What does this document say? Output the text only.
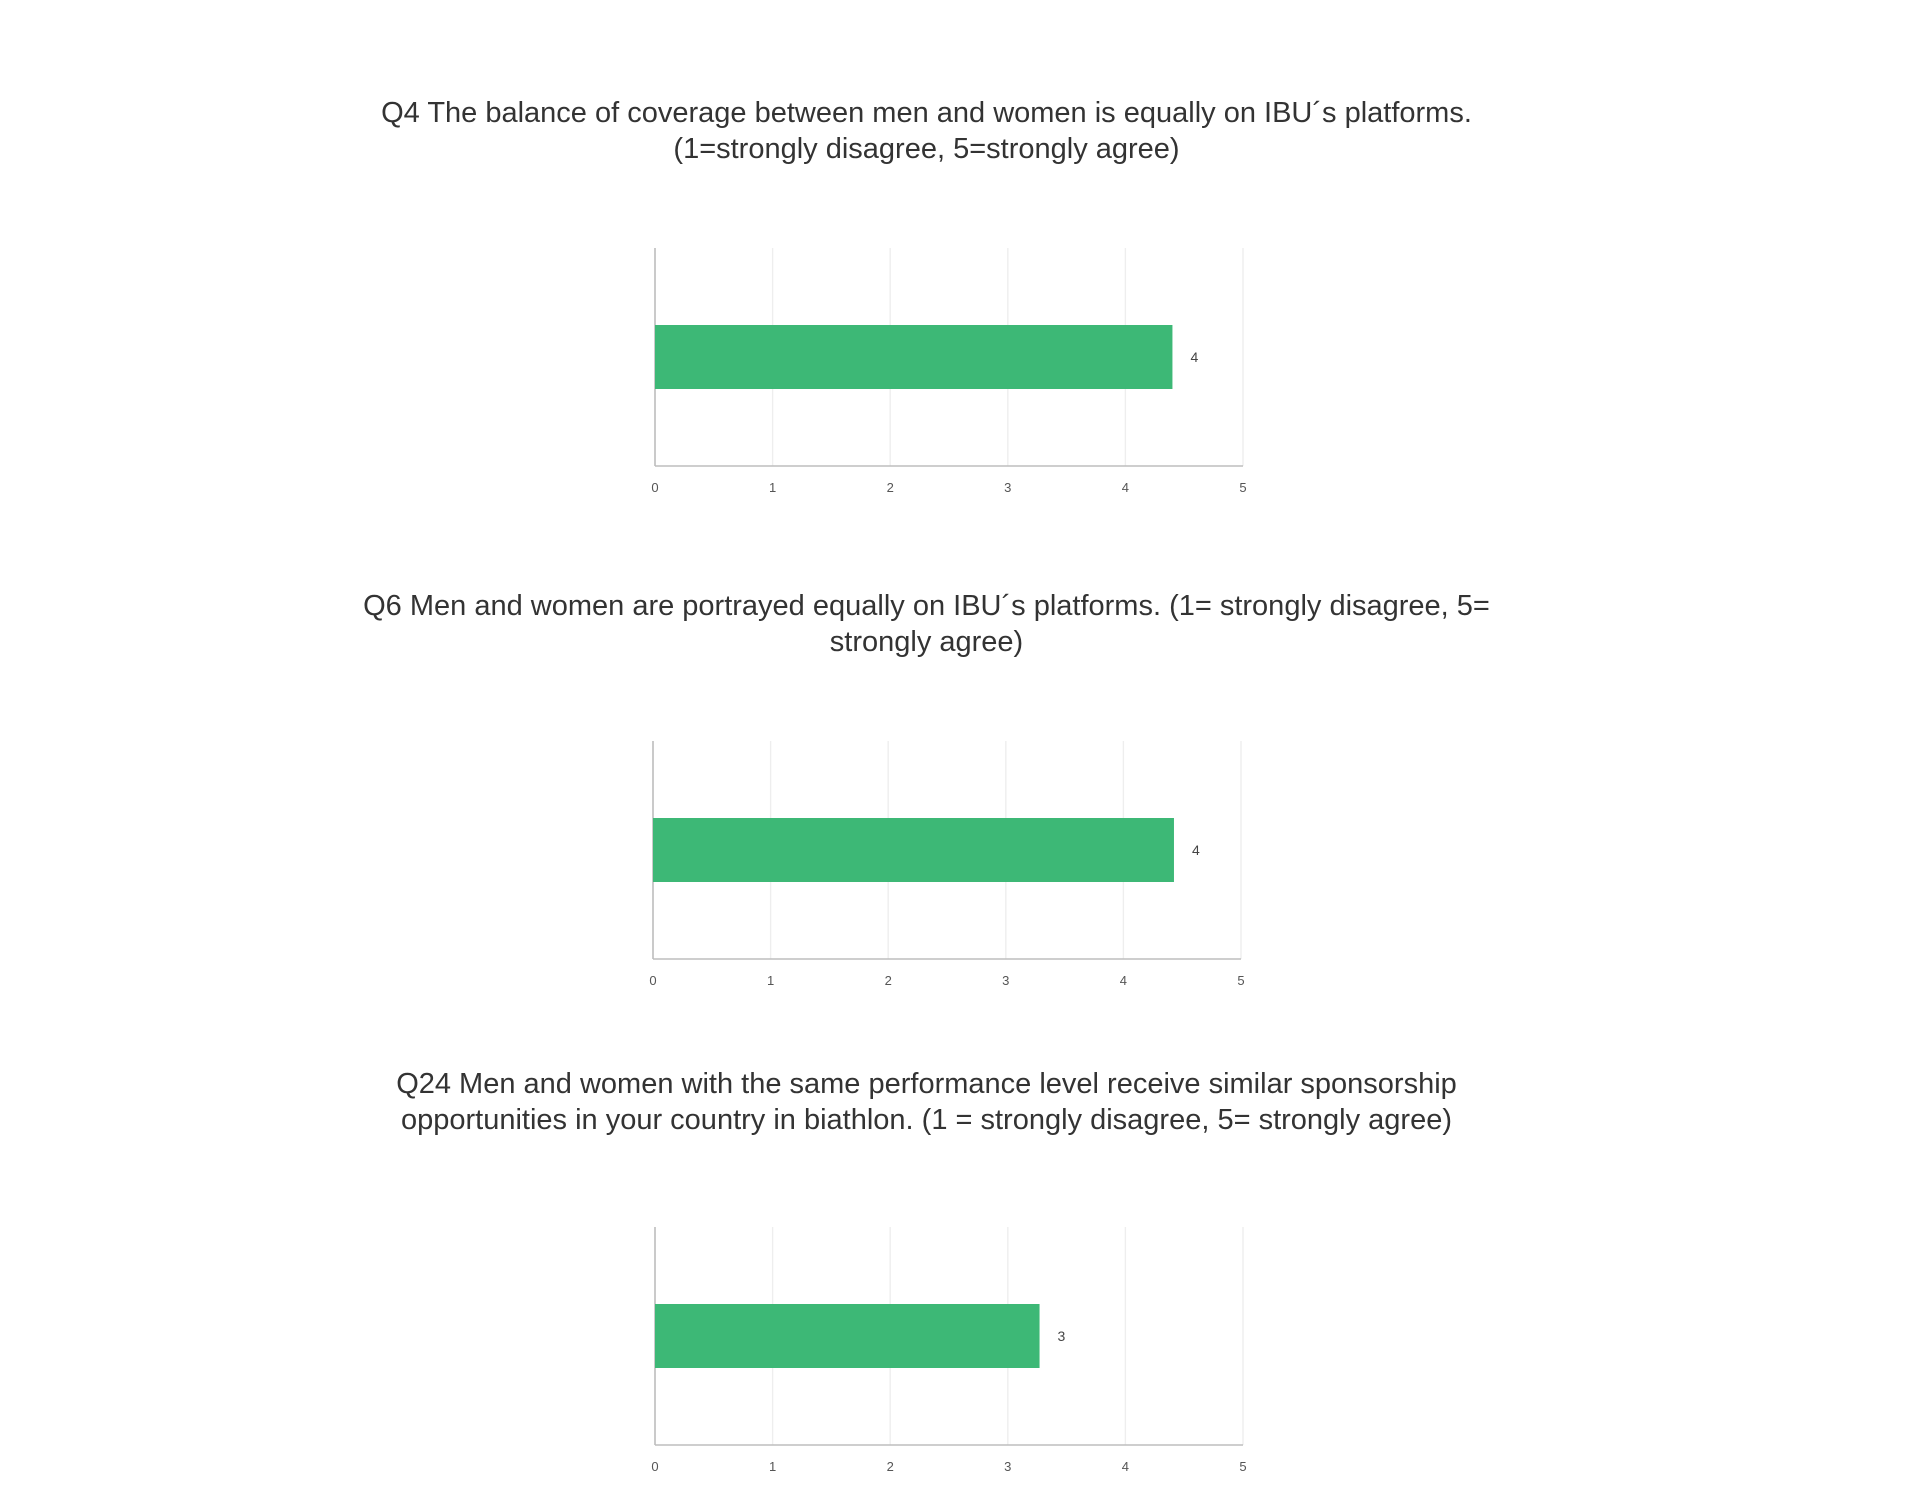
Q4 The balance of coverage between men and women is equally on IBU´s platforms.
(1=strongly disagree, 5=strongly agree)
0	1	2	3	4	5
4
Q6 Men and women are portrayed equally on IBU´s platforms. (1= strongly disagree, 5=
strongly agree)
0	1	2	3	4	5
4
Q24 Men and women with the same performance level receive similar sponsorship
opportunities in your country in biathlon. (1 = strongly disagree, 5= strongly agree)
0	1	2	3	4	5
3
